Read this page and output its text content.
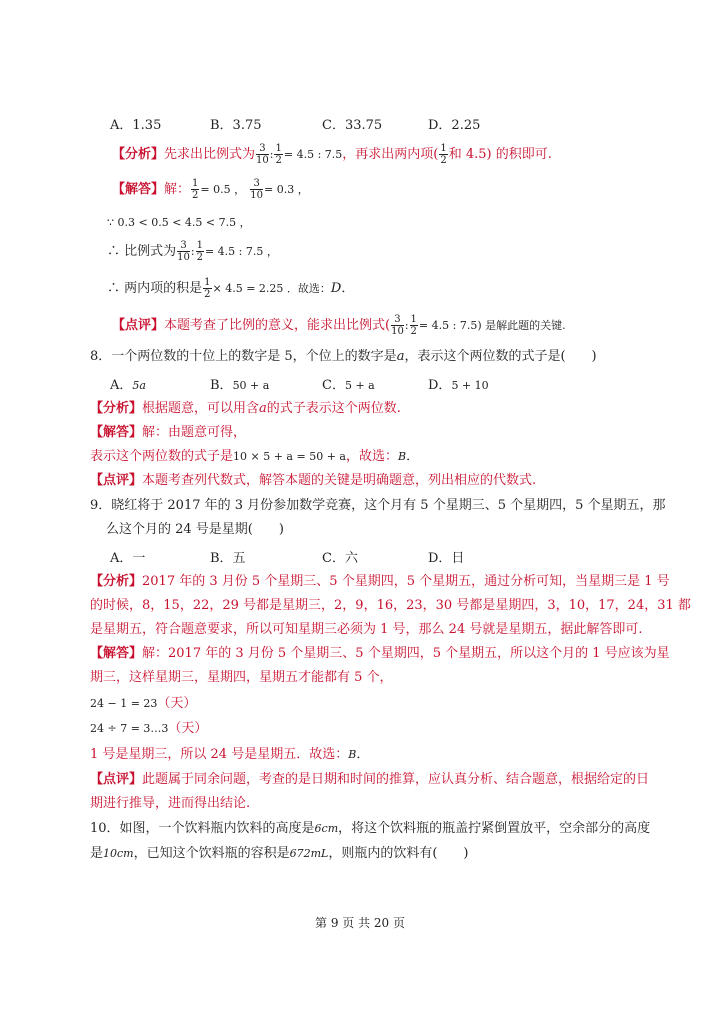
A．1.35	B．3.75	C．33.75	D．2.25
【分析】先求出比例式为 $\frac{3}{10}$ : $\frac{1}{2} = 4.5$ : 7.5，再求出两内项( $\frac{1}{2}$ 和 4.5) 的积即可.
【解答】解： $\frac{1}{2} = 0.5$ ， $\frac{3}{10} = 0.3$ ，
∵ 0.3 < 0.5 < 4.5 < 7.5 ，
∴ 比例式为 $\frac{3}{10}$ : $\frac{1}{2} = 4.5$ : 7.5 ，
∴ 两内项的积是 $\frac{1}{2} \times 4.5 = 2.25$ ．故选：D．
【点评】本题考查了比例的意义，能求出比例式( $\frac{3}{10}$ : $\frac{1}{2} = 4.5$ : 7.5) 是解此题的关键.
8．一个两位数的十位上的数字是 5，个位上的数字是a，表示这个两位数的式子是(　　)
A．5a	B．50 + a	C．5 + a	D．5 + 10
【分析】根据题意，可以用含a的式子表示这个两位数.
【解答】解：由题意可得，
表示这个两位数的式子是10 × 5 + a = 50 + a，故选：B．
【点评】本题考查列代数式，解答本题的关键是明确题意，列出相应的代数式.
9．晓红将于 2017 年的 3 月份参加数学竞赛，这个月有 5 个星期三、5 个星期四，5 个星期五，那
么这个月的 24 号是星期(　　)
A．一	B．五	C．六	D．日
【分析】2017 年的 3 月份 5 个星期三、5 个星期四，5 个星期五，通过分析可知，当星期三是 1 号
的时候，8，15，22，29 号都是星期三，2，9，16，23，30 号都是星期四，3，10，17，24，31 都
是星期五，符合题意要求，所以可知星期三必须为 1 号，那么 24 号就是星期五，据此解答即可.
【解答】解：2017 年的 3 月份 5 个星期三、5 个星期四，5 个星期五，所以这个月的 1 号应该为星
期三，这样星期三，星期四，星期五才能都有 5 个，
24 − 1 = 23（天）
24 ÷ 7 = 3…3（天）
1 号是星期三，所以 24 号是星期五．故选：B．
【点评】此题属于同余问题，考查的是日期和时间的推算，应认真分析、结合题意，根据给定的日
期进行推导，进而得出结论.
10．如图，一个饮料瓶内饮料的高度是6cm，将这个饮料瓶的瓶盖拧紧倒置放平，空余部分的高度
是10cm，已知这个饮料瓶的容积是672mL，则瓶内的饮料有(　　)
第 9 页 共 20 页
